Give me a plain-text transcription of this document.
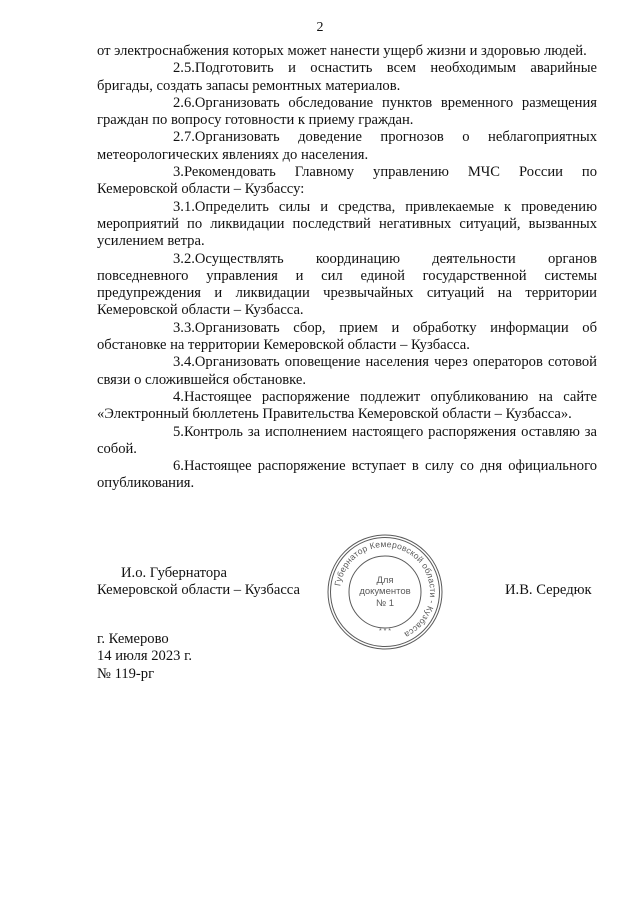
2

от электроснабжения которых может нанести ущерб жизни и здоровью людей.

2.5.Подготовить и оснастить всем необходимым аварийные бригады, создать запасы ремонтных материалов.

2.6.Организовать обследование пунктов временного размещения граждан по вопросу готовности к приему граждан.

2.7.Организовать доведение прогнозов о неблагоприятных метеорологических явлениях до населения.

3.Рекомендовать Главному управлению МЧС России по Кемеровской области – Кузбассу:

3.1.Определить силы и средства, привлекаемые к проведению мероприятий по ликвидации последствий негативных ситуаций, вызванных усилением ветра.

3.2.Осуществлять координацию деятельности органов повседневного управления и сил единой государственной системы предупреждения и ликвидации чрезвычайных ситуаций на территории Кемеровской области – Кузбасса.

3.3.Организовать сбор, прием и обработку информации об обстановке на территории Кемеровской области – Кузбасса.

3.4.Организовать оповещение населения через операторов сотовой связи о сложившейся обстановке.

4.Настоящее распоряжение подлежит опубликованию на сайте «Электронный бюллетень Правительства Кемеровской области – Кузбасса».

5.Контроль за исполнением настоящего распоряжения оставляю за собой.

6.Настоящее распоряжение вступает в силу со дня официального опубликования.

И.о. Губернатора
Кемеровской области – Кузбасса	И.В. Середюк
Губернатор Кемеровской области - Кузбасса
* * *
Для
документов
№ 1
г. Кемерово
14 июля 2023 г.
№ 119-рг
